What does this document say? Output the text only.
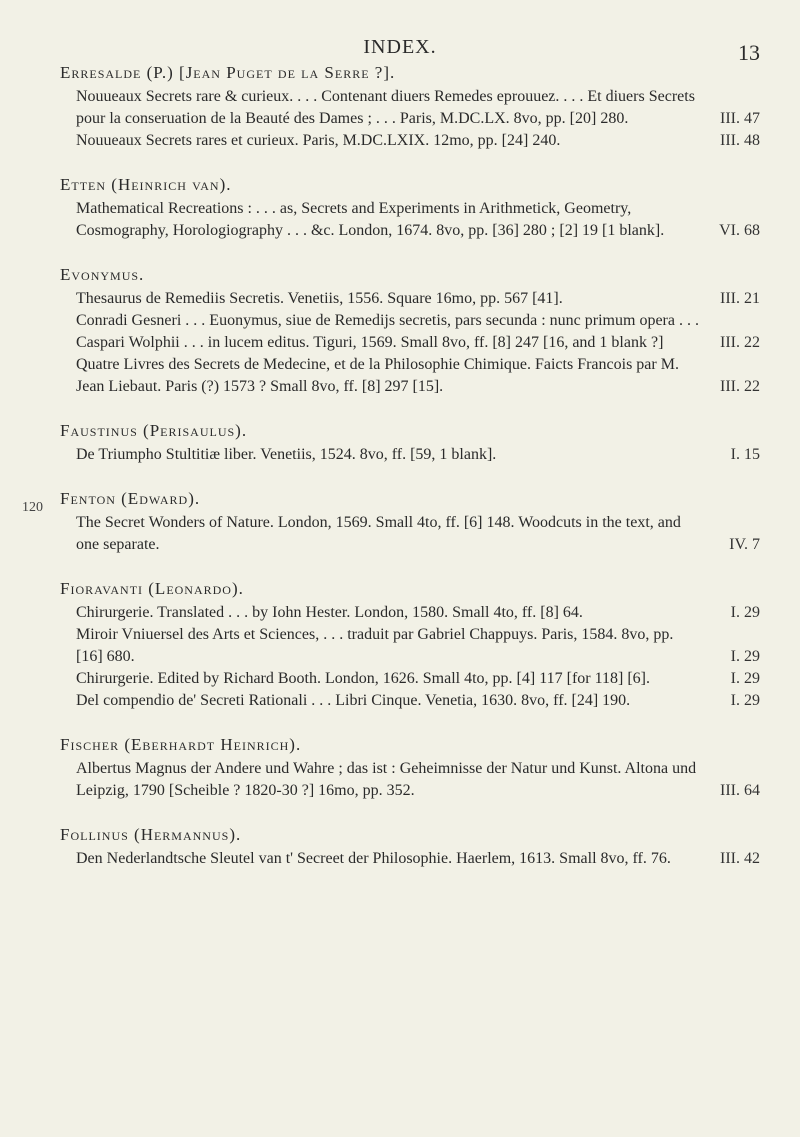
INDEX.	13
120
Erresalde (P.) [Jean Puget de la Serre ?].
Nouueaux Secrets rare & curieux. . . . Contenant diuers Remedes eprouuez. . . . Et diuers Secrets pour la conseruation de la Beauté des Dames ; . . . Paris, M.DC.LX. 8vo, pp. [20] 280.	III. 47
Nouueaux Secrets rares et curieux. Paris, M.DC.LXIX. 12mo, pp. [24] 240.	III. 48
Etten (Heinrich van).
Mathematical Recreations : . . . as, Secrets and Experiments in Arithmetick, Geometry, Cosmography, Horologiography . . . &c. London, 1674. 8vo, pp. [36] 280 ; [2] 19 [1 blank].	VI. 68
Evonymus.
Thesaurus de Remediis Secretis. Venetiis, 1556. Square 16mo, pp. 567 [41].	III. 21
Conradi Gesneri . . . Euonymus, siue de Remedijs secretis, pars secunda : nunc primum opera . . . Caspari Wolphii . . . in lucem editus. Tiguri, 1569. Small 8vo, ff. [8] 247 [16, and 1 blank ?]	III. 22
Quatre Livres des Secrets de Medecine, et de la Philosophie Chimique. Faicts Francois par M. Jean Liebaut. Paris (?) 1573 ? Small 8vo, ff. [8] 297 [15].	III. 22
Faustinus (Perisaulus).
De Triumpho Stultitiæ liber. Venetiis, 1524. 8vo, ff. [59, 1 blank].	I. 15
Fenton (Edward).
The Secret Wonders of Nature. London, 1569. Small 4to, ff. [6] 148. Woodcuts in the text, and one separate.	IV. 7
Fioravanti (Leonardo).
Chirurgerie. Translated . . . by Iohn Hester. London, 1580. Small 4to, ff. [8] 64.	I. 29
Miroir Vniuersel des Arts et Sciences, . . . traduit par Gabriel Chappuys. Paris, 1584. 8vo, pp. [16] 680.	I. 29
Chirurgerie. Edited by Richard Booth. London, 1626. Small 4to, pp. [4] 117 [for 118] [6].	I. 29
Del compendio de' Secreti Rationali . . . Libri Cinque. Venetia, 1630. 8vo, ff. [24] 190.	I. 29
Fischer (Eberhardt Heinrich).
Albertus Magnus der Andere und Wahre ; das ist : Geheimnisse der Natur und Kunst. Altona und Leipzig, 1790 [Scheible ? 1820-30 ?] 16mo, pp. 352.	III. 64
Follinus (Hermannus).
Den Nederlandtsche Sleutel van t' Secreet der Philosophie. Haerlem, 1613. Small 8vo, ff. 76.	III. 42
